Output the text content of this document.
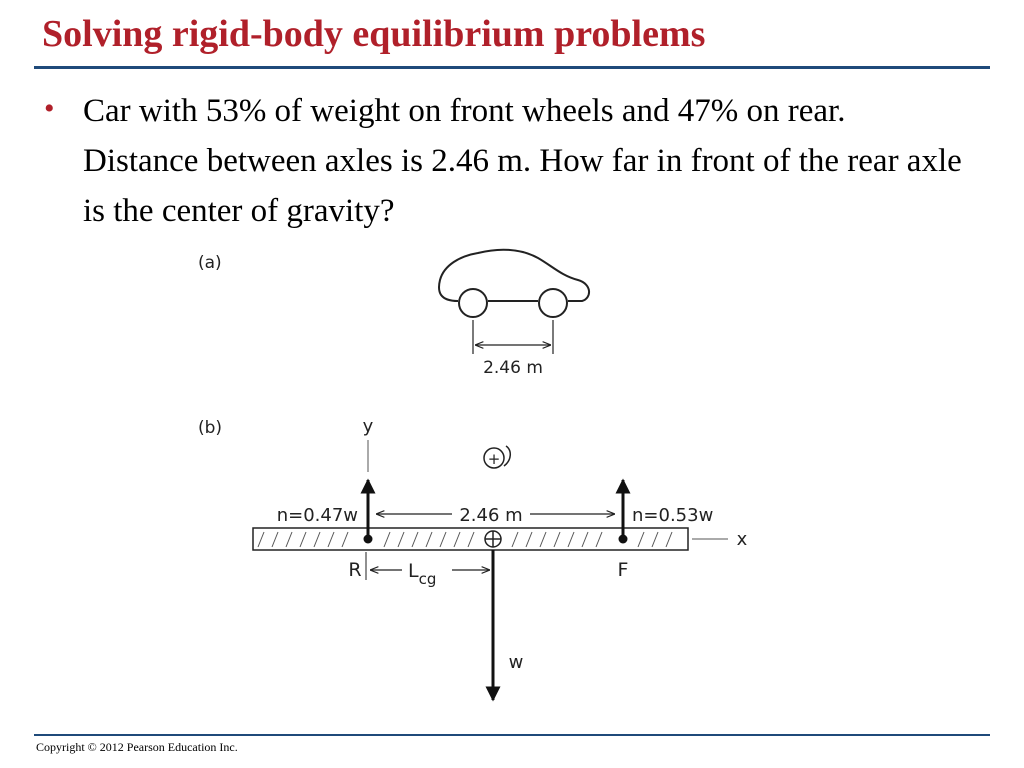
Solving rigid-body equilibrium problems
• Car with 53% of weight on front wheels and 47% on rear. Distance between axles is 2.46 m. How far in front of the rear axle is the center of gravity?
(a)
2.46 m
(b)	y
+
x
n=0.47w	n=0.53w
2.46 m
w
R	F
$L_{cg}$
Copyright © 2012 Pearson Education Inc.
